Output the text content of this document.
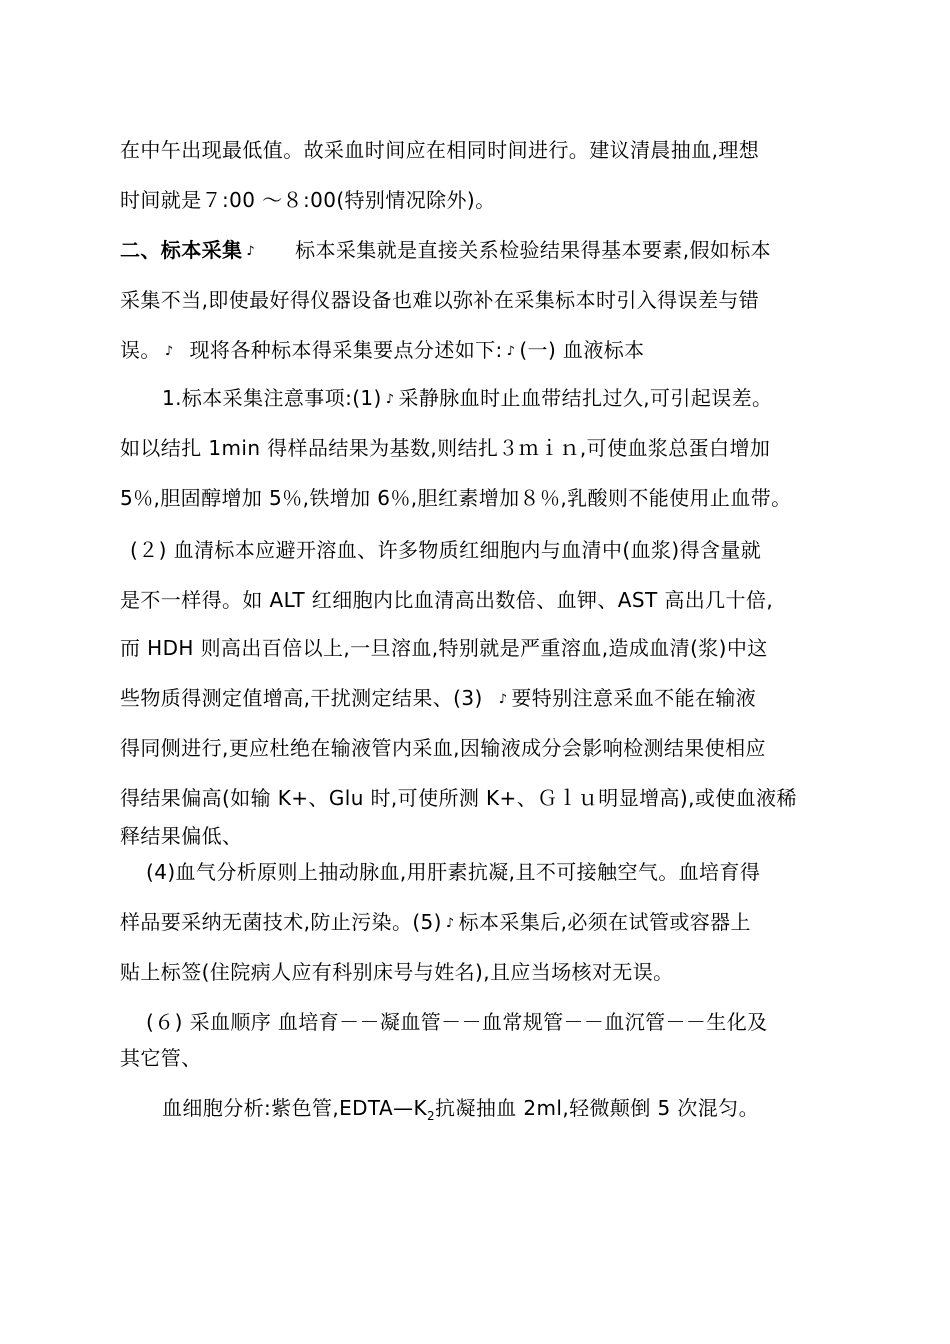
在中午出现最低值。故采血时间应在相同时间进行。建议清晨抽血,理想
时间就是７:00 ～８:00(特别情况除外)。
二、标本采集 ♪ 标本采集就是直接关系检验结果得基本要素,假如标本
采集不当,即使最好得仪器设备也难以弥补在采集标本时引入得误差与错
误。 ♪ 现将各种标本得采集要点分述如下: ♪ (一) 血液标本
1.标本采集注意事项:(1) ♪ 采静脉血时止血带结扎过久,可引起误差。
如以结扎 1min 得样品结果为基数,则结扎３ｍｉｎ,可使血浆总蛋白增加
5％,胆固醇增加 5％,铁增加 6％,胆红素增加８％,乳酸则不能使用止血带。
(２) 血清标本应避开溶血、许多物质红细胞内与血清中(血浆)得含量就
是不一样得。如 ALT 红细胞内比血清高出数倍、血钾、AST 高出几十倍,
而 HDH 则高出百倍以上,一旦溶血,特别就是严重溶血,造成血清(浆)中这
些物质得测定值增高,干扰测定结果、(3) ♪ 要特别注意采血不能在输液
得同侧进行,更应杜绝在输液管内采血,因输液成分会影响检测结果使相应
得结果偏高(如输 K+、Glu 时,可使所测 K+、Ｇｌｕ明显增高),或使血液稀
释结果偏低、
(4)血气分析原则上抽动脉血,用肝素抗凝,且不可接触空气。血培育得
样品要采纳无菌技术,防止污染。(5) ♪ 标本采集后,必须在试管或容器上
贴上标签(住院病人应有科别床号与姓名),且应当场核对无误。
(６) 采血顺序 血培育－－凝血管－－血常规管－－血沉管－－生化及
其它管、
血细胞分析:紫色管$,EDTA—K_2$抗凝抽血 2ml,轻微颠倒 5 次混匀。
